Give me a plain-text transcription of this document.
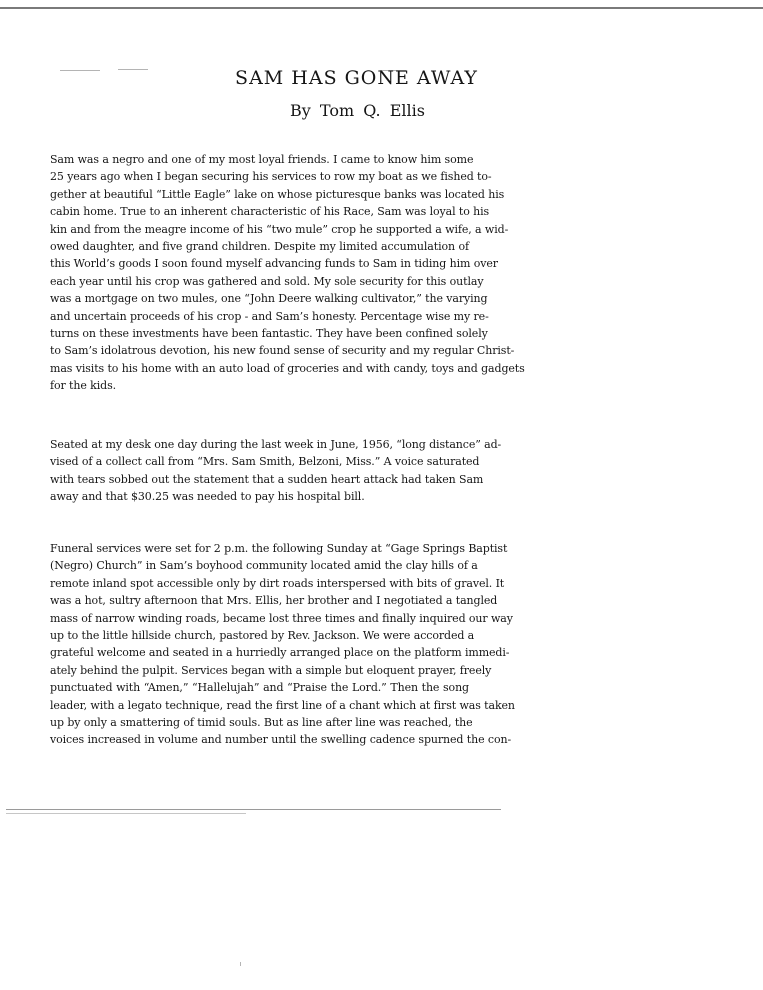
SAM HAS GONE AWAY
By Tom Q. Ellis
Sam was a negro and one of my most loyal friends. I came to know him some
25 years ago when I began securing his services to row my boat as we fished to-
gether at beautiful “Little Eagle” lake on whose picturesque banks was located his
cabin home. True to an inherent characteristic of his Race, Sam was loyal to his
kin and from the meagre income of his “two mule” crop he supported a wife, a wid-
owed daughter, and five grand children. Despite my limited accumulation of
this World’s goods I soon found myself advancing funds to Sam in tiding him over
each year until his crop was gathered and sold. My sole security for this outlay
was a mortgage on two mules, one “John Deere walking cultivator,” the varying
and uncertain proceeds of his crop - and Sam’s honesty. Percentage wise my re-
turns on these investments have been fantastic. They have been confined solely
to Sam’s idolatrous devotion, his new found sense of security and my regular Christ-
mas visits to his home with an auto load of groceries and with candy, toys and gadgets
for the kids.
Seated at my desk one day during the last week in June, 1956, “long distance” ad-
vised of a collect call from “Mrs. Sam Smith, Belzoni, Miss.” A voice saturated
with tears sobbed out the statement that a sudden heart attack had taken Sam
away and that $30.25 was needed to pay his hospital bill.
Funeral services were set for 2 p.m. the following Sunday at “Gage Springs Baptist
(Negro) Church” in Sam’s boyhood community located amid the clay hills of a
remote inland spot accessible only by dirt roads interspersed with bits of gravel. It
was a hot, sultry afternoon that Mrs. Ellis, her brother and I negotiated a tangled
mass of narrow winding roads, became lost three times and finally inquired our way
up to the little hillside church, pastored by Rev. Jackson. We were accorded a
grateful welcome and seated in a hurriedly arranged place on the platform immedi-
ately behind the pulpit. Services began with a simple but eloquent prayer, freely
punctuated with “Amen,” “Hallelujah” and “Praise the Lord.” Then the song
leader, with a legato technique, read the first line of a chant which at first was taken
up by only a smattering of timid souls. But as line after line was reached, the
voices increased in volume and number until the swelling cadence spurned the con-
